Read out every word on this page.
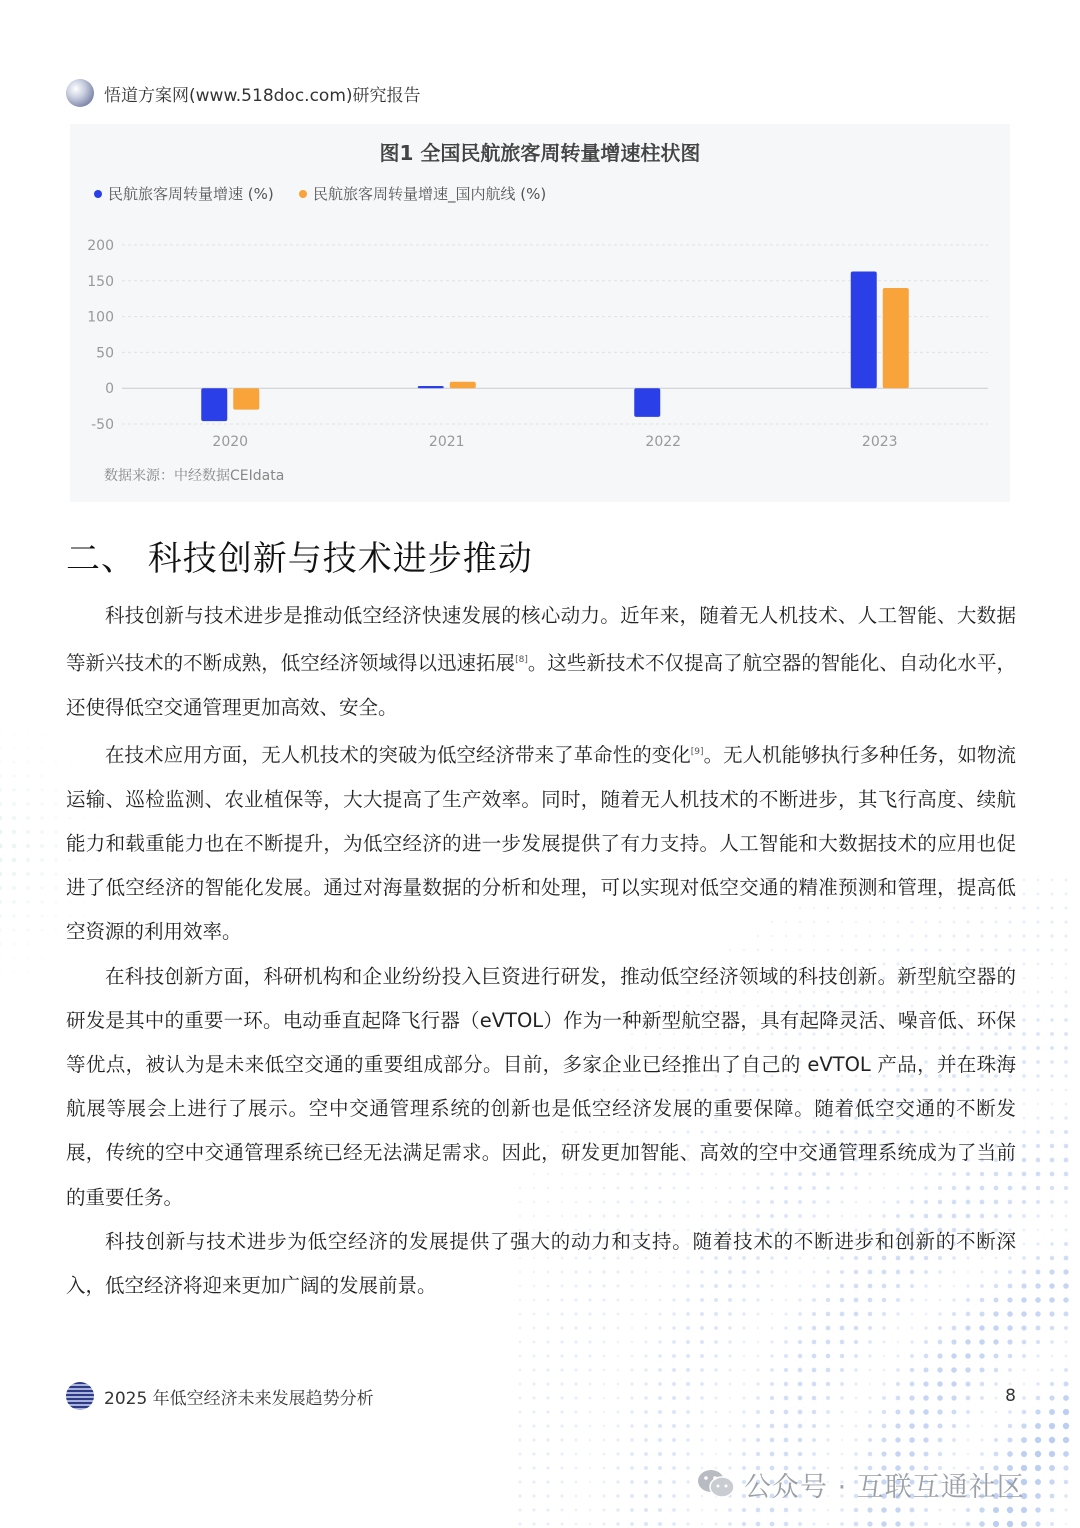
悟道方案网(www.518doc.com)研究报告
图1 全国民航旅客周转量增速柱状图
民航旅客周转量增速 (%)	民航旅客周转量增速_国内航线 (%)
200
150
100
50
0
-50
2020	2021	2022	2023
数据来源：中经数据CEIdata
二、 科技创新与技术进步推动

科技创新与技术进步是推动低空经济快速发展的核心动力。近年来，随着无人机技术、人工智能、大数据等新兴技术的不断成熟，低空经济领域得以迅速拓展[8]。这些新技术不仅提高了航空器的智能化、自动化水平，还使得低空交通管理更加高效、安全。

在技术应用方面，无人机技术的突破为低空经济带来了革命性的变化[9]。无人机能够执行多种任务，如物流运输、巡检监测、农业植保等，大大提高了生产效率。同时，随着无人机技术的不断进步，其飞行高度、续航能力和载重能力也在不断提升，为低空经济的进一步发展提供了有力支持。人工智能和大数据技术的应用也促进了低空经济的智能化发展。通过对海量数据的分析和处理，可以实现对低空交通的精准预测和管理，提高低空资源的利用效率。

在科技创新方面，科研机构和企业纷纷投入巨资进行研发，推动低空经济领域的科技创新。新型航空器的研发是其中的重要一环。电动垂直起降飞行器（eVTOL）作为一种新型航空器，具有起降灵活、噪音低、环保等优点，被认为是未来低空交通的重要组成部分。目前，多家企业已经推出了自己的 eVTOL 产品，并在珠海航展等展会上进行了展示。空中交通管理系统的创新也是低空经济发展的重要保障。随着低空交通的不断发展，传统的空中交通管理系统已经无法满足需求。因此，研发更加智能、高效的空中交通管理系统成为了当前的重要任务。

科技创新与技术进步为低空经济的发展提供了强大的动力和支持。随着技术的不断进步和创新的不断深入，低空经济将迎来更加广阔的发展前景。

2025 年低空经济未来发展趋势分析	8
公众号 · 互联互通社区
